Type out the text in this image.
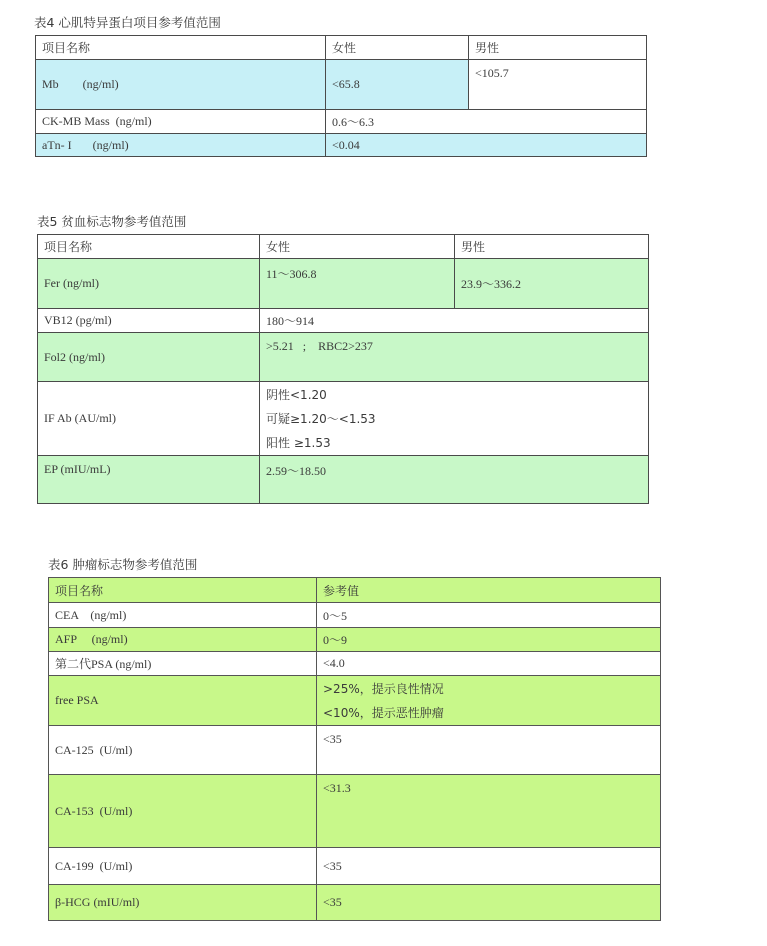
表4 心肌特异蛋白项目参考值范围
项目名称	女性	男性
Mb        (ng/ml)	<65.8	<105.7
CK-MB Mass  (ng/ml)	0.6～6.3	
aTn- I       (ng/ml)	<0.04	
表5 贫血标志物参考值范围
项目名称	女性	男性
Fer (ng/ml)	11～306.8	23.9～336.2
VB12 (pg/ml)	180～914	
Fol2 (ng/ml)	>5.21   ;    RBC2>237	
IF Ab (AU/ml)	阴性<1.20
可疑≥1.20～<1.53
阳性 ≥1.53	

EP (mIU/mL)	2.59～18.50	
表6 肿瘤标志物参考值范围
项目名称	参考值
CEA    (ng/ml)	0～5
AFP     (ng/ml)	0～9
第二代PSA (ng/ml)	<4.0
free PSA	>25%，提示良性情况
<10%，提示恶性肿瘤

CA-125  (U/ml)	<35
CA-153  (U/ml)	<31.3
CA-199  (U/ml)	<35
β-HCG (mIU/ml)	<35
